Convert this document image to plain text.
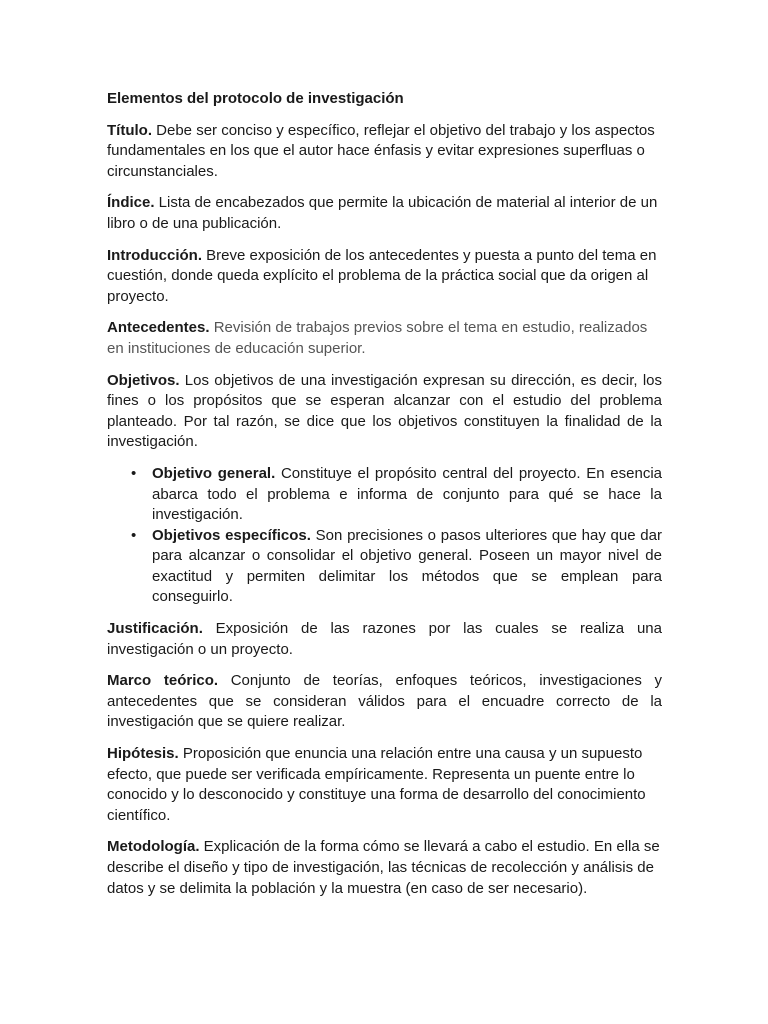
Elementos del protocolo de investigación

Título. Debe ser conciso y específico, reflejar el objetivo del trabajo y los aspectos fundamentales en los que el autor hace énfasis y evitar expresiones superfluas o circunstanciales.

Índice. Lista de encabezados que permite la ubicación de material al interior de un libro o de una publicación.

Introducción. Breve exposición de los antecedentes y puesta a punto del tema en cuestión, donde queda explícito el problema de la práctica social que da origen al proyecto.

Antecedentes. Revisión de trabajos previos sobre el tema en estudio, realizados en instituciones de educación superior.

Objetivos. Los objetivos de una investigación expresan su dirección, es decir, los fines o los propósitos que se esperan alcanzar con el estudio del problema planteado. Por tal razón, se dice que los objetivos constituyen la finalidad de la investigación.

• Objetivo general. Constituye el propósito central del proyecto. En esencia abarca todo el problema e informa de conjunto para qué se hace la investigación.
• Objetivos específicos. Son precisiones o pasos ulteriores que hay que dar para alcanzar o consolidar el objetivo general. Poseen un mayor nivel de exactitud y permiten delimitar los métodos que se emplean para conseguirlo.

Justificación. Exposición de las razones por las cuales se realiza una investigación o un proyecto.

Marco teórico. Conjunto de teorías, enfoques teóricos, investigaciones y antecedentes que se consideran válidos para el encuadre correcto de la investigación que se quiere realizar.

Hipótesis. Proposición que enuncia una relación entre una causa y un supuesto efecto, que puede ser verificada empíricamente. Representa un puente entre lo conocido y lo desconocido y constituye una forma de desarrollo del conocimiento científico.

Metodología. Explicación de la forma cómo se llevará a cabo el estudio. En ella se describe el diseño y tipo de investigación, las técnicas de recolección y análisis de datos y se delimita la población y la muestra (en caso de ser necesario).
